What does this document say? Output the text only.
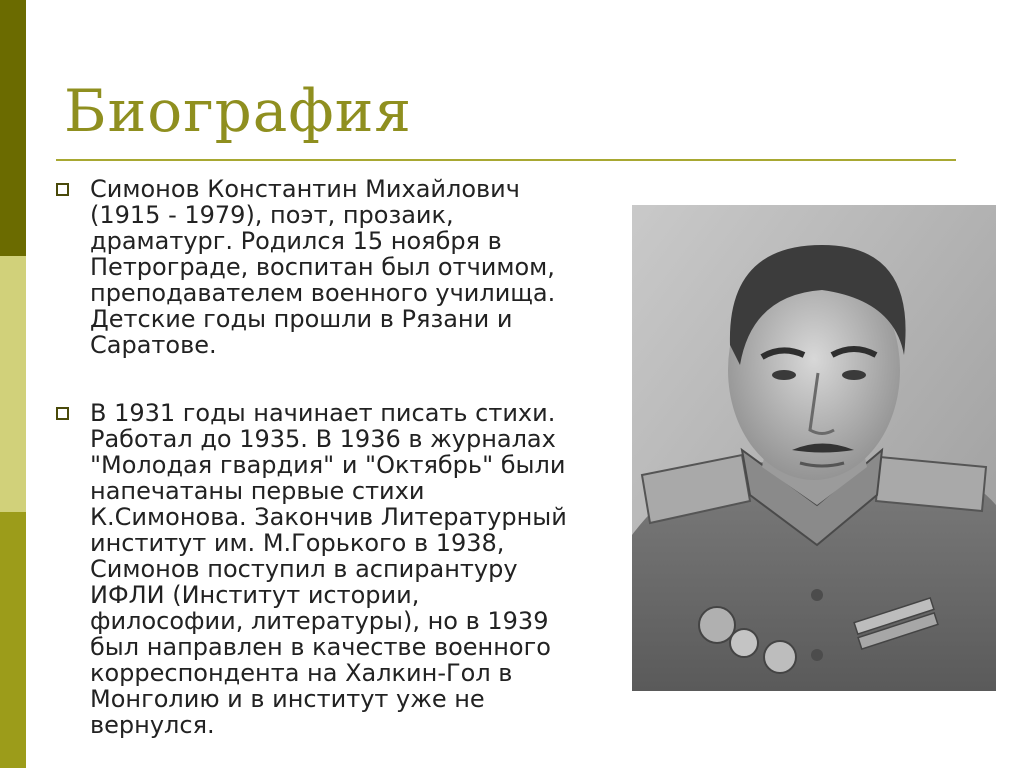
Биография
Симонов Константин Михайлович
(1915 - 1979), поэт, прозаик,
драматург. Родился 15 ноября в
Петрограде, воспитан был отчимом,
преподавателем военного училища.
Детские годы прошли в Рязани и
Саратове.
В 1931 годы начинает писать стихи.
Работал до 1935. В 1936 в журналах
"Молодая гвардия" и "Октябрь" были
напечатаны первые стихи
К.Симонова. Закончив Литературный
институт им. М.Горького в 1938,
Симонов поступил в аспирантуру
ИФЛИ (Институт истории,
философии, литературы), но в 1939
был направлен в качестве военного
корреспондента на Халкин-Гол в
Монголию и в институт уже не
вернулся.
